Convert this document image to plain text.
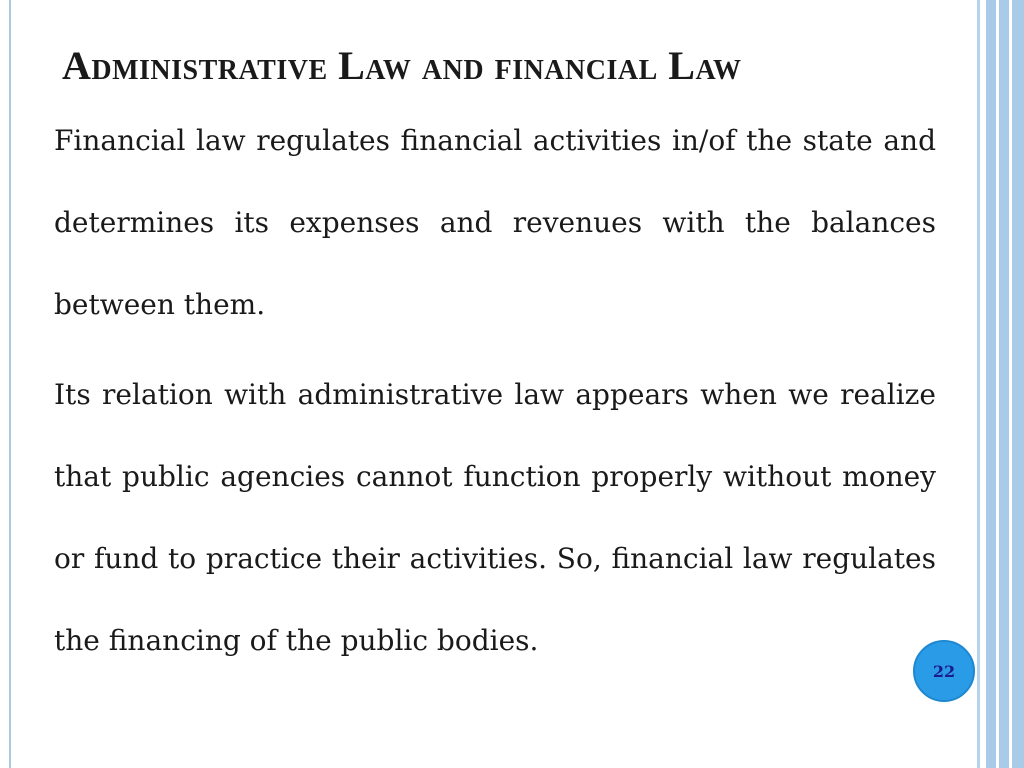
Administrative Law and financial Law

Financial law regulates financial activities in/of the state and determines its expenses and revenues with the balances between them.

Its relation with administrative law appears when we realize that public agencies cannot function properly without money or fund to practice their activities. So, financial law regulates the financing of the public bodies.

22
